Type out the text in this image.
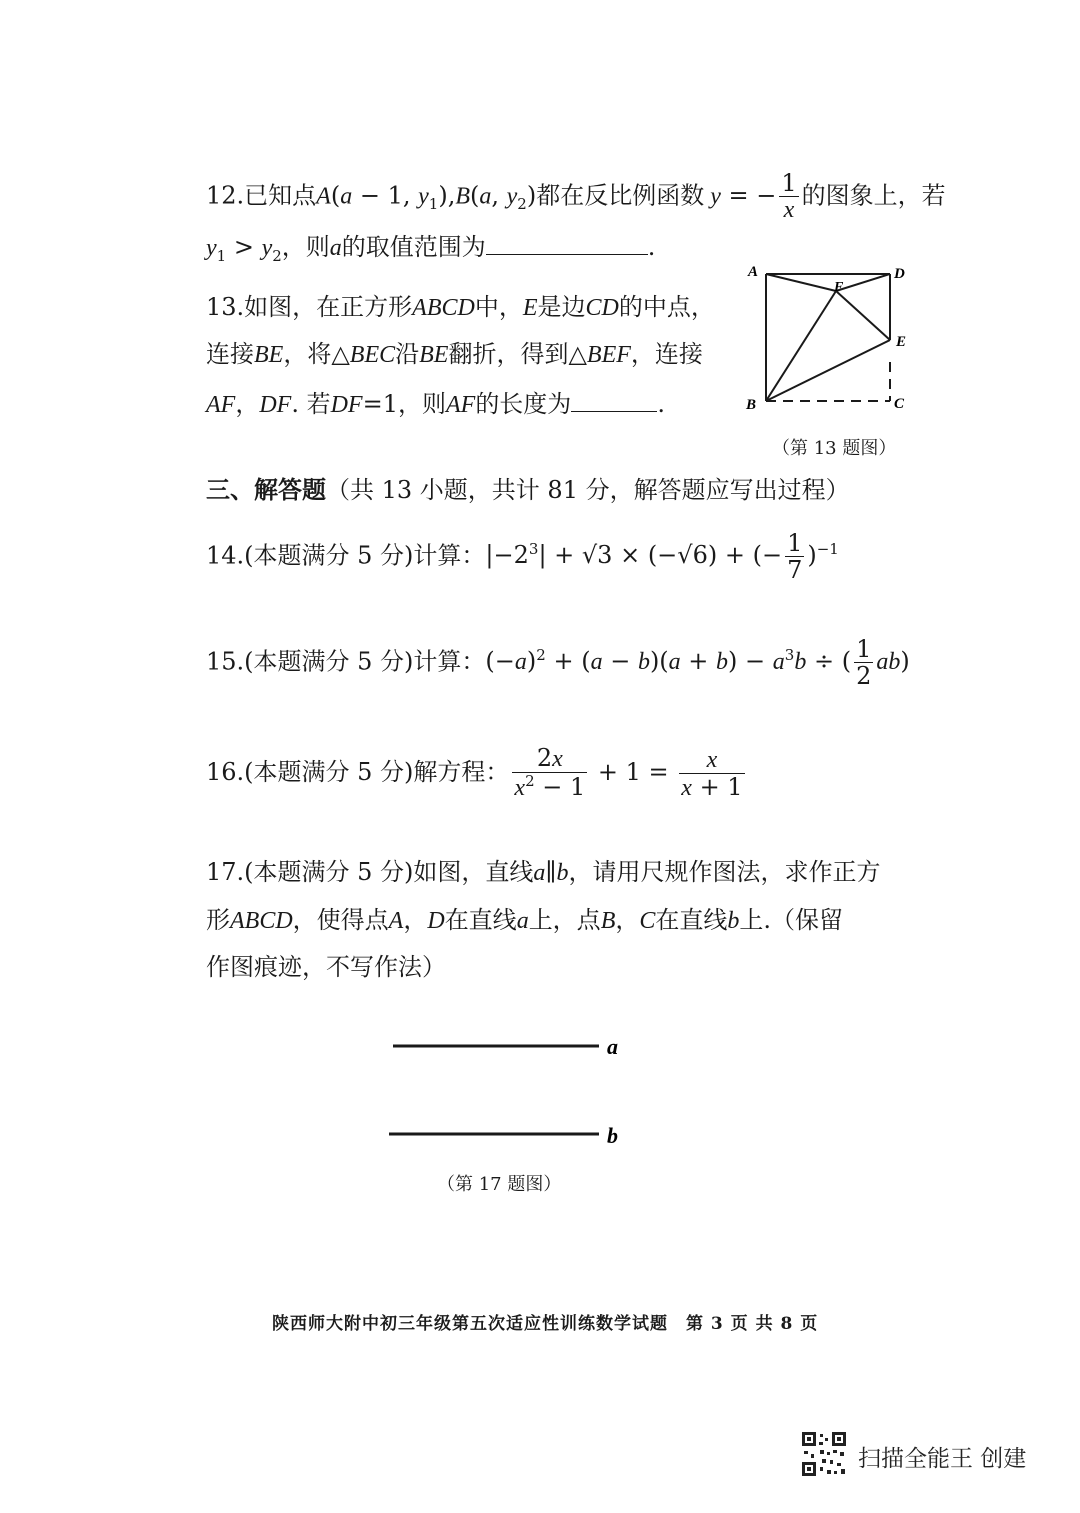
12.已知点A(a − 1, $y_1),B(a$, $y_2$)都在反比例函数 y = − $\frac{1}{x}$ 的图象上，若
$y_1 > y_2$，则a的取值范围为	.
13.如图，在正方形ABCD中，E是边CD的中点，
连接BE，将△BEC沿BE翻折，得到△BEF，连接
AF，DF. 若DF=1，则AF的长度为	.
A	D
F
E
B	C
（第 13 题图）
三、解答题（共 13 小题，共计 81 分，解答题应写出过程）
14.(本题满分 5 分)计算：$|-2^3| + √3 \times (-√6)$ + (− $\frac{1}{7} )^{-1}$
15.(本题满分 5 分)计算：$(-a)^2 + (a - b)(a + b) - a^3b$ ÷ ( $\frac{1}{2} ab$)
16.(本题满分 5 分)解方程： $\frac{2x}{x^2 - 1} + 1 = \frac{x}{x + 1}$
17.(本题满分 5 分)如图，直线a∥b，请用尺规作图法，求作正方
形ABCD，使得点A，D在直线a上，点B，C在直线b上.（保留
作图痕迹，不写作法）
a
b
（第 17 题图）
陕西师大附中初三年级第五次适应性训练数学试题　第 3 页 共 8 页
扫描全能王 创建
